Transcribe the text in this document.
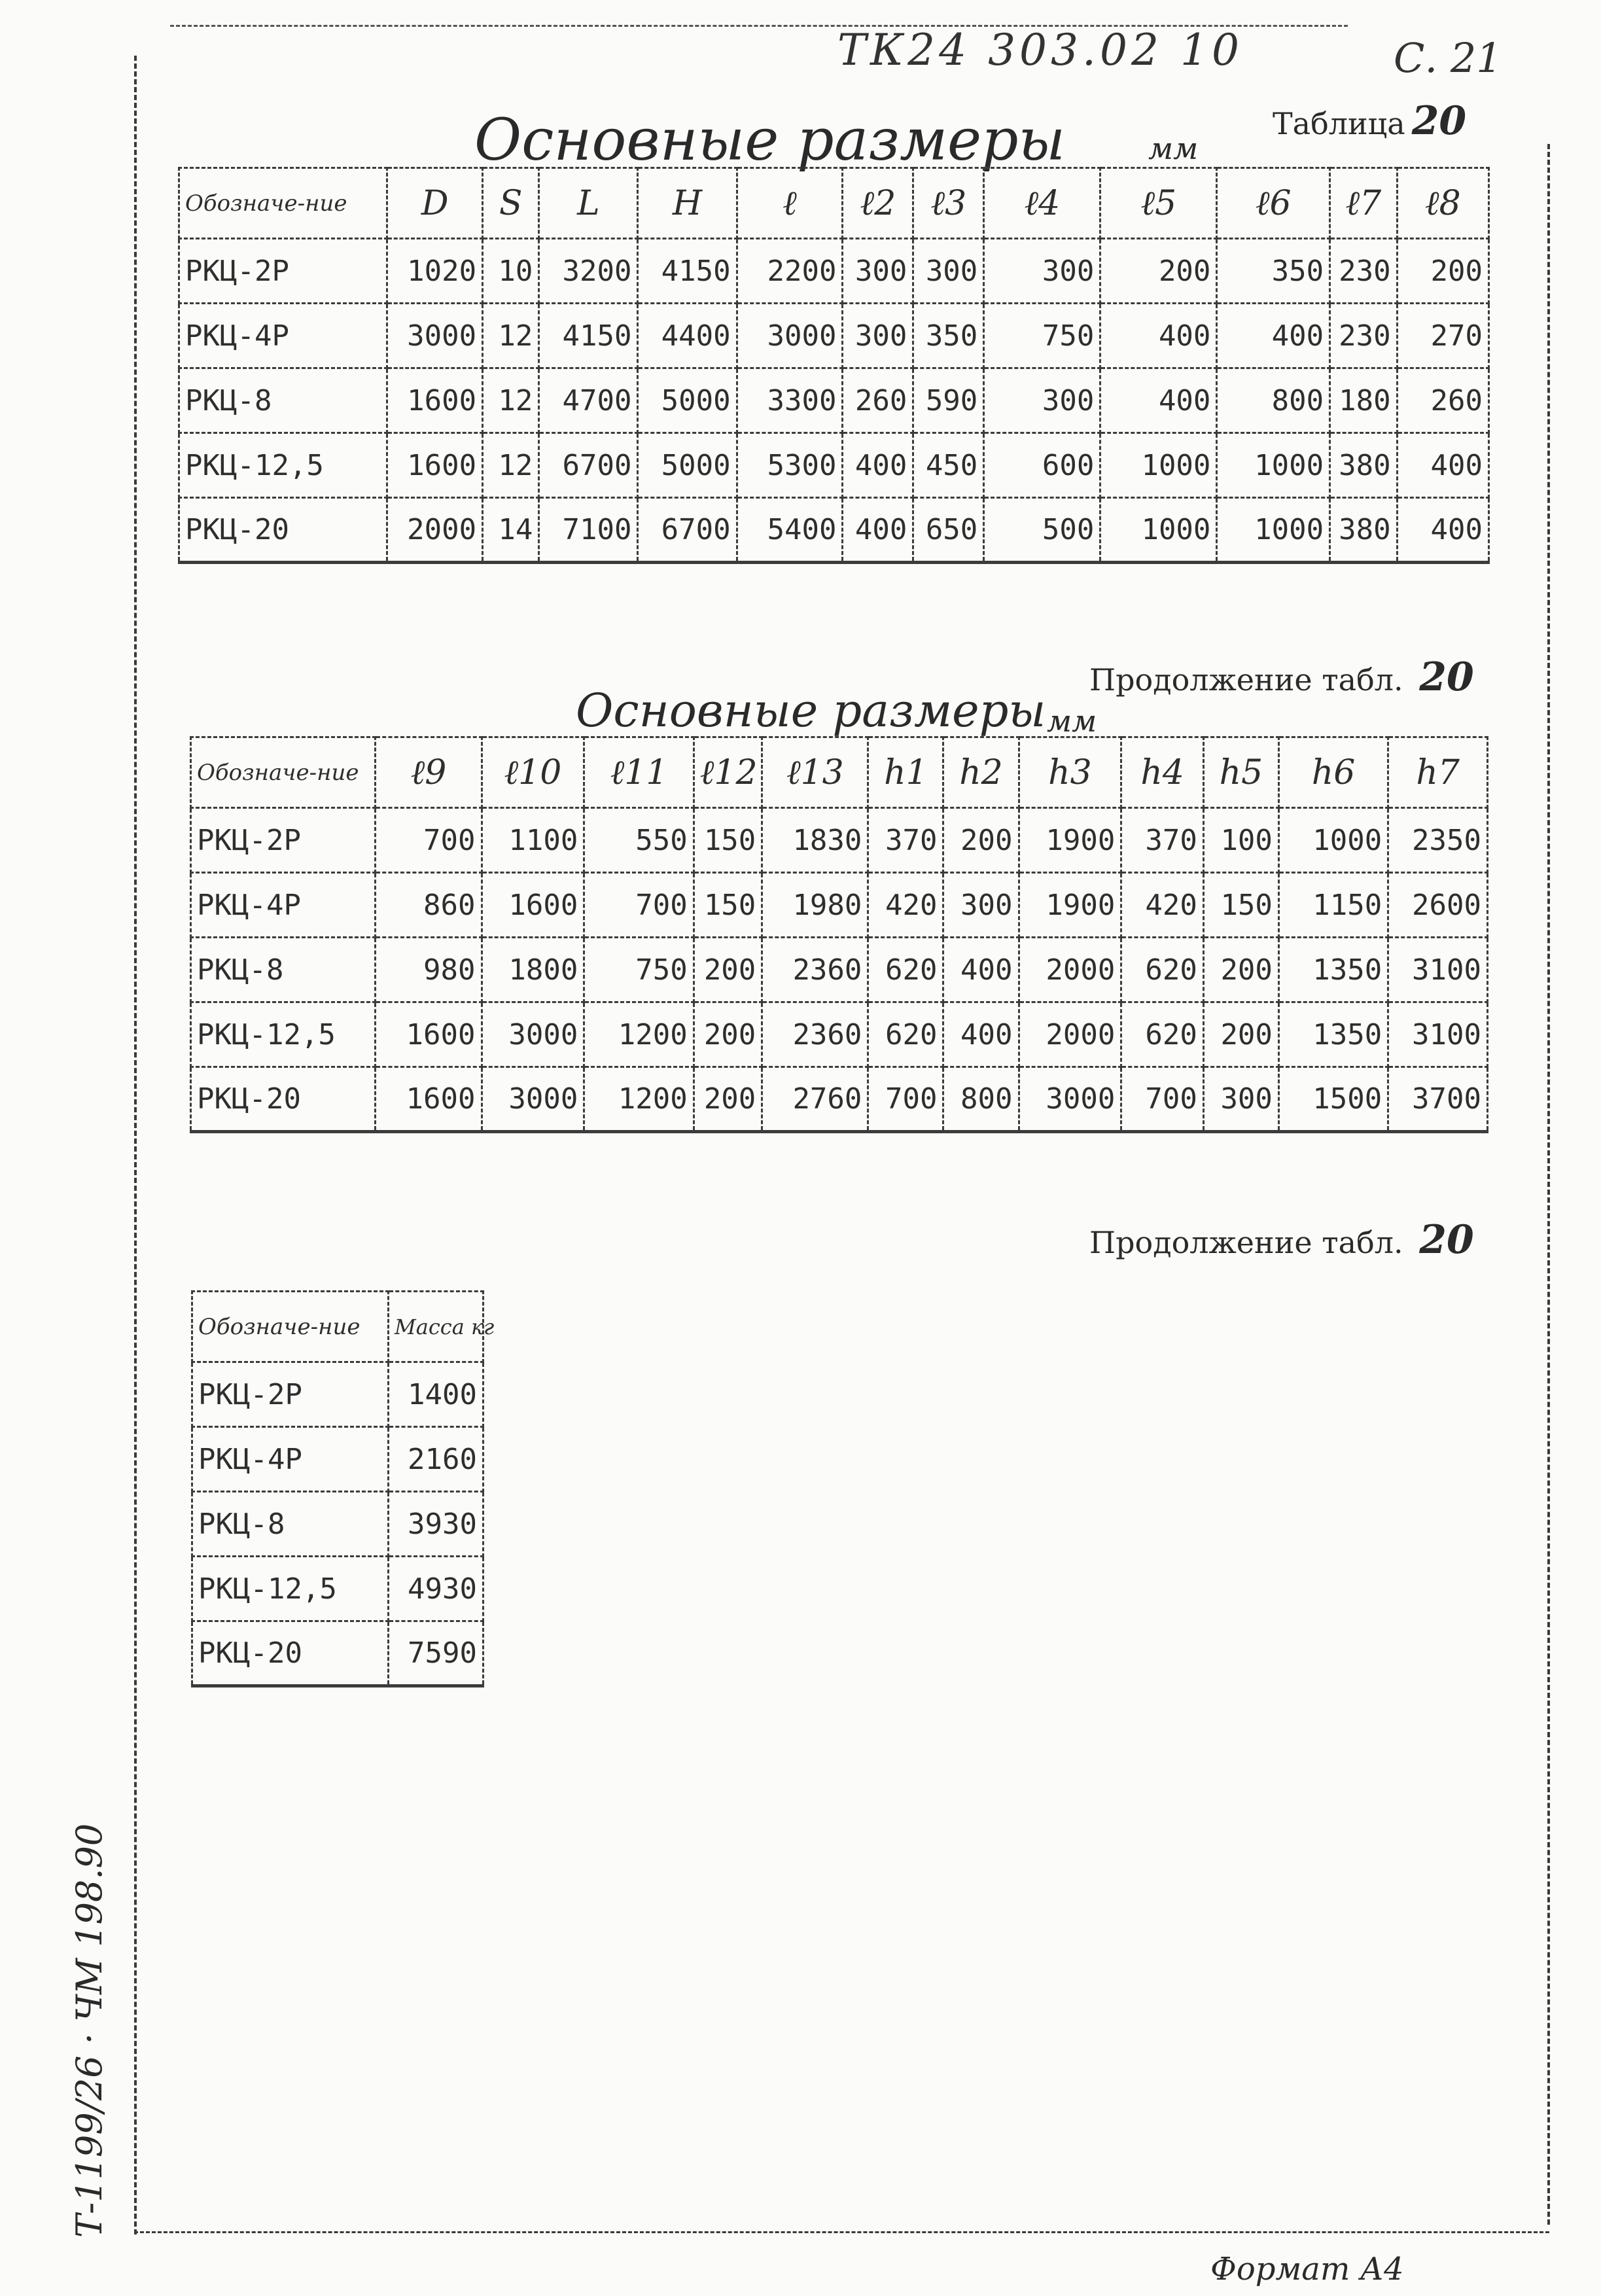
ТК24 303.02 10	С. 21
Таблица 20
Основные размеры	мм
Обозначе-ние	D	S	L	H	ℓ	ℓ2	ℓ3	ℓ4	ℓ5	ℓ6	ℓ7	ℓ8
РКЦ-2Р	1020	10	3200	4150	2200	300	300	300	200	350	230	200
РКЦ-4Р	3000	12	4150	4400	3000	300	350	750	400	400	230	270
РКЦ-8	1600	12	4700	5000	3300	260	590	300	400	800	180	260
РКЦ-12,5	1600	12	6700	5000	5300	400	450	600	1000	1000	380	400
РКЦ-20	2000	14	7100	6700	5400	400	650	500	1000	1000	380	400
Продолжение табл. 20
Основные размеры мм
Обозначе-ние	ℓ9	ℓ10	ℓ11	ℓ12	ℓ13	h1	h2	h3	h4	h5	h6	h7
РКЦ-2Р	700	1100	550	150	1830	370	200	1900	370	100	1000	2350
РКЦ-4Р	860	1600	700	150	1980	420	300	1900	420	150	1150	2600
РКЦ-8	980	1800	750	200	2360	620	400	2000	620	200	1350	3100
РКЦ-12,5	1600	3000	1200	200	2360	620	400	2000	620	200	1350	3100
РКЦ-20	1600	3000	1200	200	2760	700	800	3000	700	300	1500	3700
Продолжение табл. 20
Обозначе-ние	Масса кг
РКЦ-2Р	1400
РКЦ-4Р	2160
РКЦ-8	3930
РКЦ-12,5	4930
РКЦ-20	7590
Т-1199/26 · ЧМ 198.90
Формат А4
